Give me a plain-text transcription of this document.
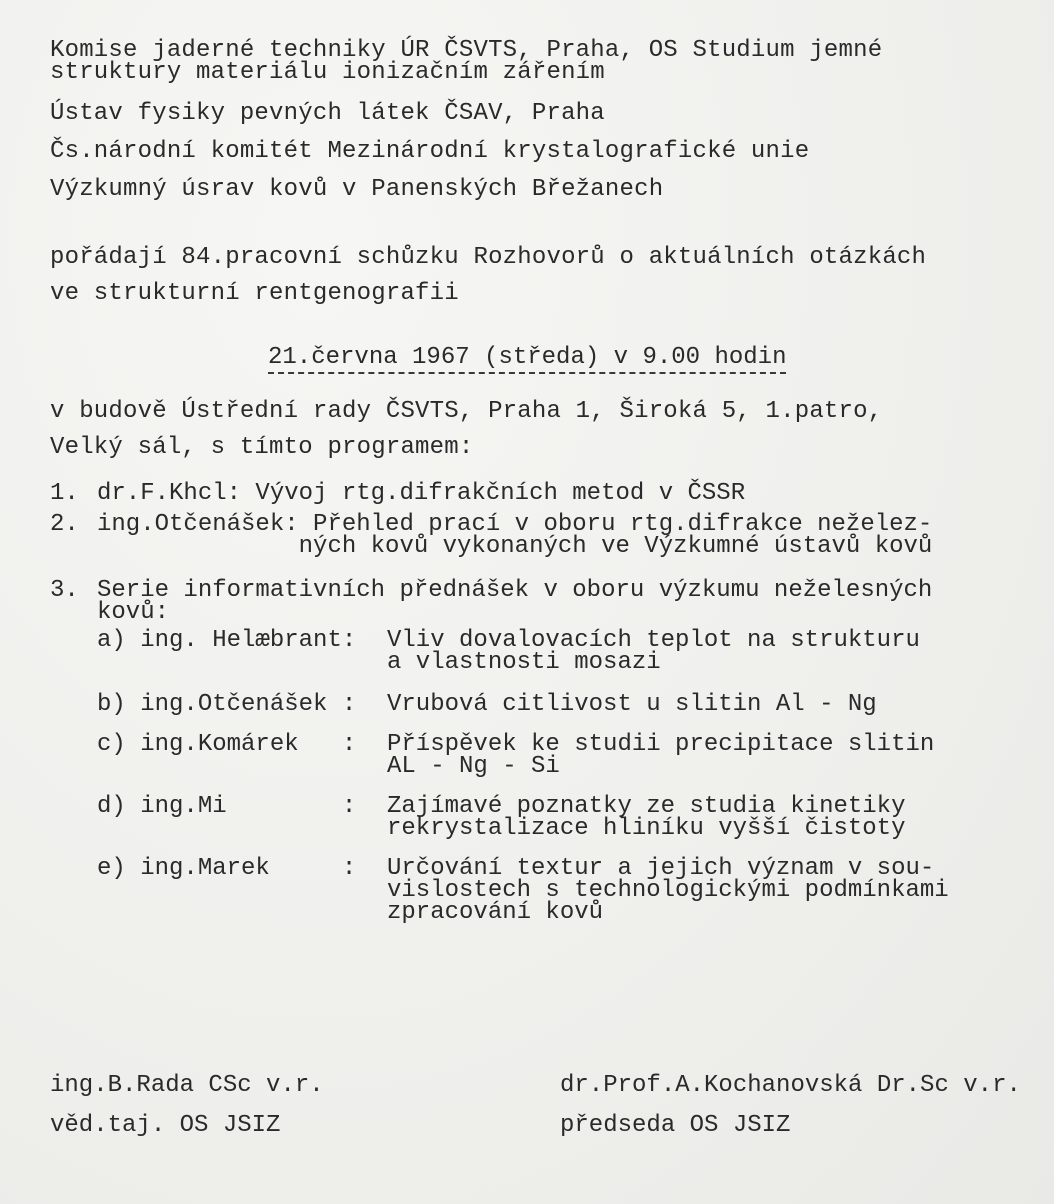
Komise jaderné techniky ÚR ČSVTS, Praha, OS Studium jemné
struktury materiálu ionizačním zářením
Ústav fysiky pevných látek ČSAV, Praha
Čs.národní komitét Mezinárodní krystalografické unie
Výzkumný úsrav kovů v Panenských Břežanech
pořádají 84.pracovní schůzku Rozhovorů o aktuálních otázkách
ve strukturní rentgenografii
21.června 1967 (středa) v 9.00 hodin
v budově Ústřední rady ČSVTS, Praha 1, Široká 5, 1.patro,
Velký sál, s tímto programem:
1. dr.F.Khcl: Vývoj rtg.difrakčních metod v ČSSR
2. ing.Otčenášek: Přehled prací v oboru rtg.difrakce neželez-
ných kovů vykonaných ve Výzkumné ústavů kovů
3. Serie informativních přednášek v oboru výzkumu neželesných
kovů:
a) ing. Helæbrant: Vliv dovalovacích teplot na strukturu
a vlastnosti mosazi
b) ing.Otčenášek : Vrubová citlivost u slitin Al - Ng
c) ing.Komárek   : Příspěvek ke studii precipitace slitin
AL - Ng - Si
d) ing.Mi        : Zajímavé poznatky ze studia kinetiky
rekrystalizace hliníku vyšší čistoty
e) ing.Marek     : Určování textur a jejich význam v sou-
vislostech s technologickými podmínkami
zpracování kovů
ing.B.Rada CSc v.r.
věd.taj. OS JSIZ
dr.Prof.A.Kochanovská Dr.Sc v.r.
předseda OS JSIZ
